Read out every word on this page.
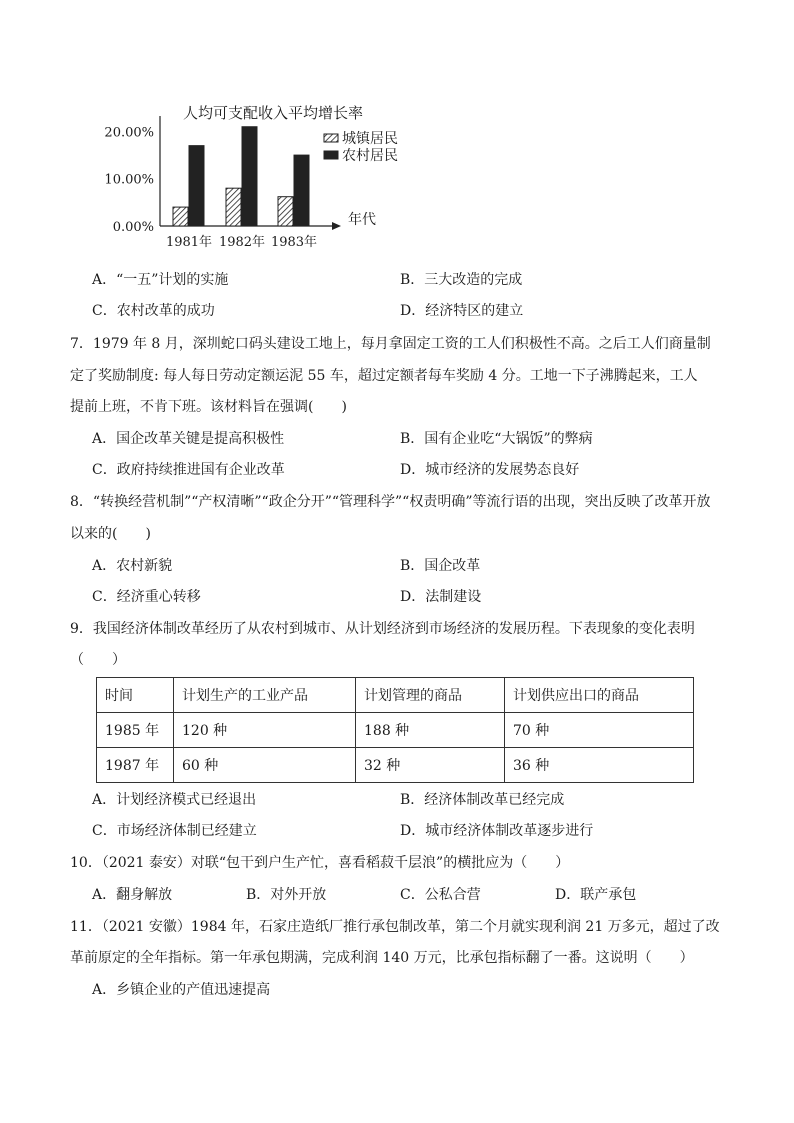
人均可支配收入平均增长率
20.00%
10.00%
0.00%	年代
1981年 1982年 1983年
城镇居民
农村居民
A．“一五”计划的实施	B．三大改造的完成
C．农村改革的成功	D．经济特区的建立
7．1979 年 8 月，深圳蛇口码头建设工地上，每月拿固定工资的工人们积极性不高。之后工人们商量制
定了奖励制度: 每人每日劳动定额运泥 55 车，超过定额者每车奖励 4 分。工地一下子沸腾起来，工人
提前上班，不肯下班。该材料旨在强调(　　)
A．国企改革关键是提高积极性	B．国有企业吃“大锅饭”的弊病
C．政府持续推进国有企业改革	D．城市经济的发展势态良好
8．“转换经营机制”“产权清晰”“政企分开”“管理科学”“权责明确”等流行语的出现，突出反映了改革开放
以来的(　　)
A．农村新貌	B．国企改革
C．经济重心转移	D．法制建设
9．我国经济体制改革经历了从农村到城市、从计划经济到市场经济的发展历程。下表现象的变化表明
（　　）
时间	计划生产的工业产品	计划管理的商品	计划供应出口的商品
1985 年	120 种	188 种	70 种
1987 年	60 种	32 种	36 种
A．计划经济模式已经退出	B．经济体制改革已经完成
C．市场经济体制已经建立	D．城市经济体制改革逐步进行
10．（2021 泰安）对联“包干到户生产忙，喜看稻菽千层浪”的横批应为（　　）
A．翻身解放	B．对外开放	C．公私合营	D．联产承包
11．（2021 安徽）1984 年，石家庄造纸厂推行承包制改革，第二个月就实现利润 21 万多元，超过了改
革前原定的全年指标。第一年承包期满，完成利润 140 万元，比承包指标翻了一番。这说明（　　）
A．乡镇企业的产值迅速提高
